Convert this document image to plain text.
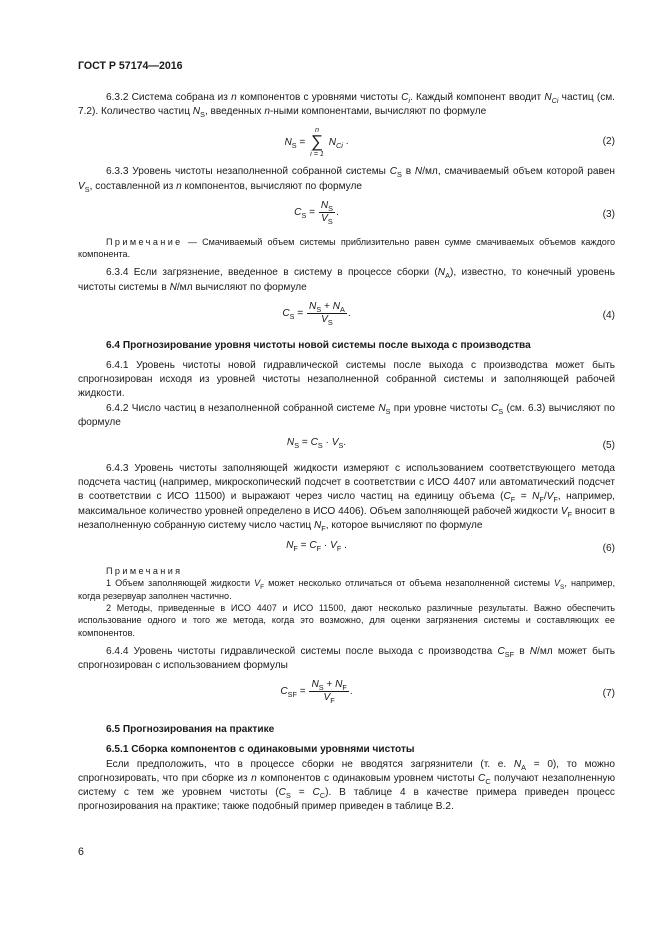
ГОСТ Р 57174—2016

6.3.2 Система собрана из n компонентов с уровнями чистоты $C_i$. Каждый компонент вводит $N_{Ci}$ частиц (см. 7.2). Количество частиц $N_S$, введенных n-ными компонентами, вычисляют по формуле

$N_S$ =
n
∑
i = 1
$N_{Ci}$ .	(2)

6.3.3 Уровень чистоты незаполненной собранной системы $C_S$ в N/мл, смачиваемый объем которой равен $V_S$, составленной из n компонентов, вычисляют по формуле

$C_S = \frac{N_S}{V_S}$ .	(3)

Примечание — Смачиваемый объем системы приблизительно равен сумме смачиваемых объемов каждого компонента.

6.3.4 Если загрязнение, введенное в систему в процессе сборки $(N_A)$, известно, то конечный уровень чистоты системы в N/мл вычисляют по формуле

$C_S = \frac{N_S + N_A}{V_S}$ .	(4)

6.4 Прогнозирование уровня чистоты новой системы после выхода с производства

6.4.1 Уровень чистоты новой гидравлической системы после выхода с производства может быть спрогнозирован исходя из уровней чистоты незаполненной собранной системы и заполняющей рабочей жидкости.

6.4.2 Число частиц в незаполненной собранной системе $N_S$ при уровне чистоты $C_S$ (см. 6.3) вычисляют по формуле

$N_S = C_S \cdot V_S$.	(5)

6.4.3 Уровень чистоты заполняющей жидкости измеряют с использованием соответствующего метода подсчета частиц (например, микроскопический подсчет в соответствии с ИСО 4407 или автоматический подсчет в соответствии с ИСО 11500) и выражают через число частиц на единицу объема ($C_F = N_F/V_F$, например, максимальное количество уровней определено в ИСО 4406). Объем заполняющей рабочей жидкости $V_F$ вносит в незаполненную собранную систему число частиц $N_F$, которое вычисляют по формуле

$N_F = C_F \cdot V_F$ .	(6)

Примечания

1 Объем заполняющей жидкости $V_F$ может несколько отличаться от объема незаполненной системы $V_S$, например, когда резервуар заполнен частично.

2 Методы, приведенные в ИСО 4407 и ИСО 11500, дают несколько различные результаты. Важно обеспечить использование одного и того же метода, когда это возможно, для оценки загрязнения системы и составляющих ее компонентов.

6.4.4 Уровень чистоты гидравлической системы после выхода с производства $C_{SF}$ в N/мл может быть спрогнозирован с использованием формулы

$C_{SF} = \frac{N_S + N_F}{V_F}$ .	(7)

6.5 Прогнозирования на практике

6.5.1 Сборка компонентов с одинаковыми уровнями чистоты

Если предположить, что в процессе сборки не вводятся загрязнители (т. е. $N_A = 0$), то можно спрогнозировать, что при сборке из n компонентов с одинаковым уровнем чистоты $C_C$ получают незаполненную систему с тем же уровнем чистоты $(C_S = C_C)$. В таблице 4 в качестве примера приведен процесс прогнозирования на практике; также подобный пример приведен в таблице В.2.

6
